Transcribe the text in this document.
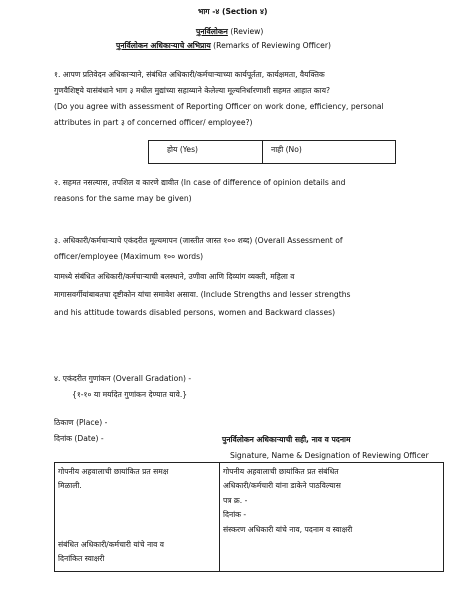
भाग -४ (Section ४)
पुनर्विलोकन (Review)
पुनर्विलोकन अधिकाऱ्याचे अभिप्राय (Remarks of Reviewing Officer)
१. आपण प्रतिवेदन अधिकाऱ्याने, संबंधित अधिकारी/कर्मचाऱ्याच्या कार्यपूर्तता, कार्यक्षमता, वैयक्तिक
गुणवैशिष्ट्ये यासंबंधाने भाग ३ मधील मुद्यांच्या सहाय्याने केलेल्या मूल्यनिर्धारणाशी सहमत आहात काय?
(Do you agree with assessment of Reporting Officer on work done, efficiency, personal
attributes in part ३ of concerned officer/ employee?)
होय (Yes)	नाही (No)
२. सहमत नसल्यास, तपशिल व कारणे द्यावीत (In case of difference of opinion details and
reasons for the same may be given)
३. अधिकारी/कर्मचाऱ्याचे एकंदरीत मूल्यमापन (जास्तीत जास्त १०० शब्द) (Overall Assessment of
officer/employee (Maximum १०० words)
यामध्ये संबंधित अधिकारी/कर्मचाऱ्याची बलस्थाने, उणीवा आणि दिव्यांग व्यक्ती, महिला व
मागासवर्गीयांबाबतचा दृष्टीकोन यांचा समावेश असावा. (Include Strengths and lesser strengths
and his attitude towards disabled persons, women and Backward classes)
४. एकंदरीत गुणांकन (Overall Gradation) -
{१-१० या मर्यादेत गुणांकन देण्यात यावे.}
ठिकाण (Place) -
दिनांक (Date) -	पुनर्विलोकन अधिकाऱ्याची सही, नाव व पदनाम
Signature, Name & Designation of Reviewing Officer
गोपनीय अहवालाची छायांकित प्रत समक्ष
मिळाली.
संबंधित अधिकारी/कर्मचारी यांचे नाव व
दिनांकित स्वाक्षरी
गोपनीय अहवालाची छायांकित प्रत संबंधित
अधिकारी/कर्मचारी यांना डाकेने पाठविल्यास
पत्र क्र. -
दिनांक -
संस्करण अधिकारी यांचे नाव, पदनाम व स्वाक्षरी
